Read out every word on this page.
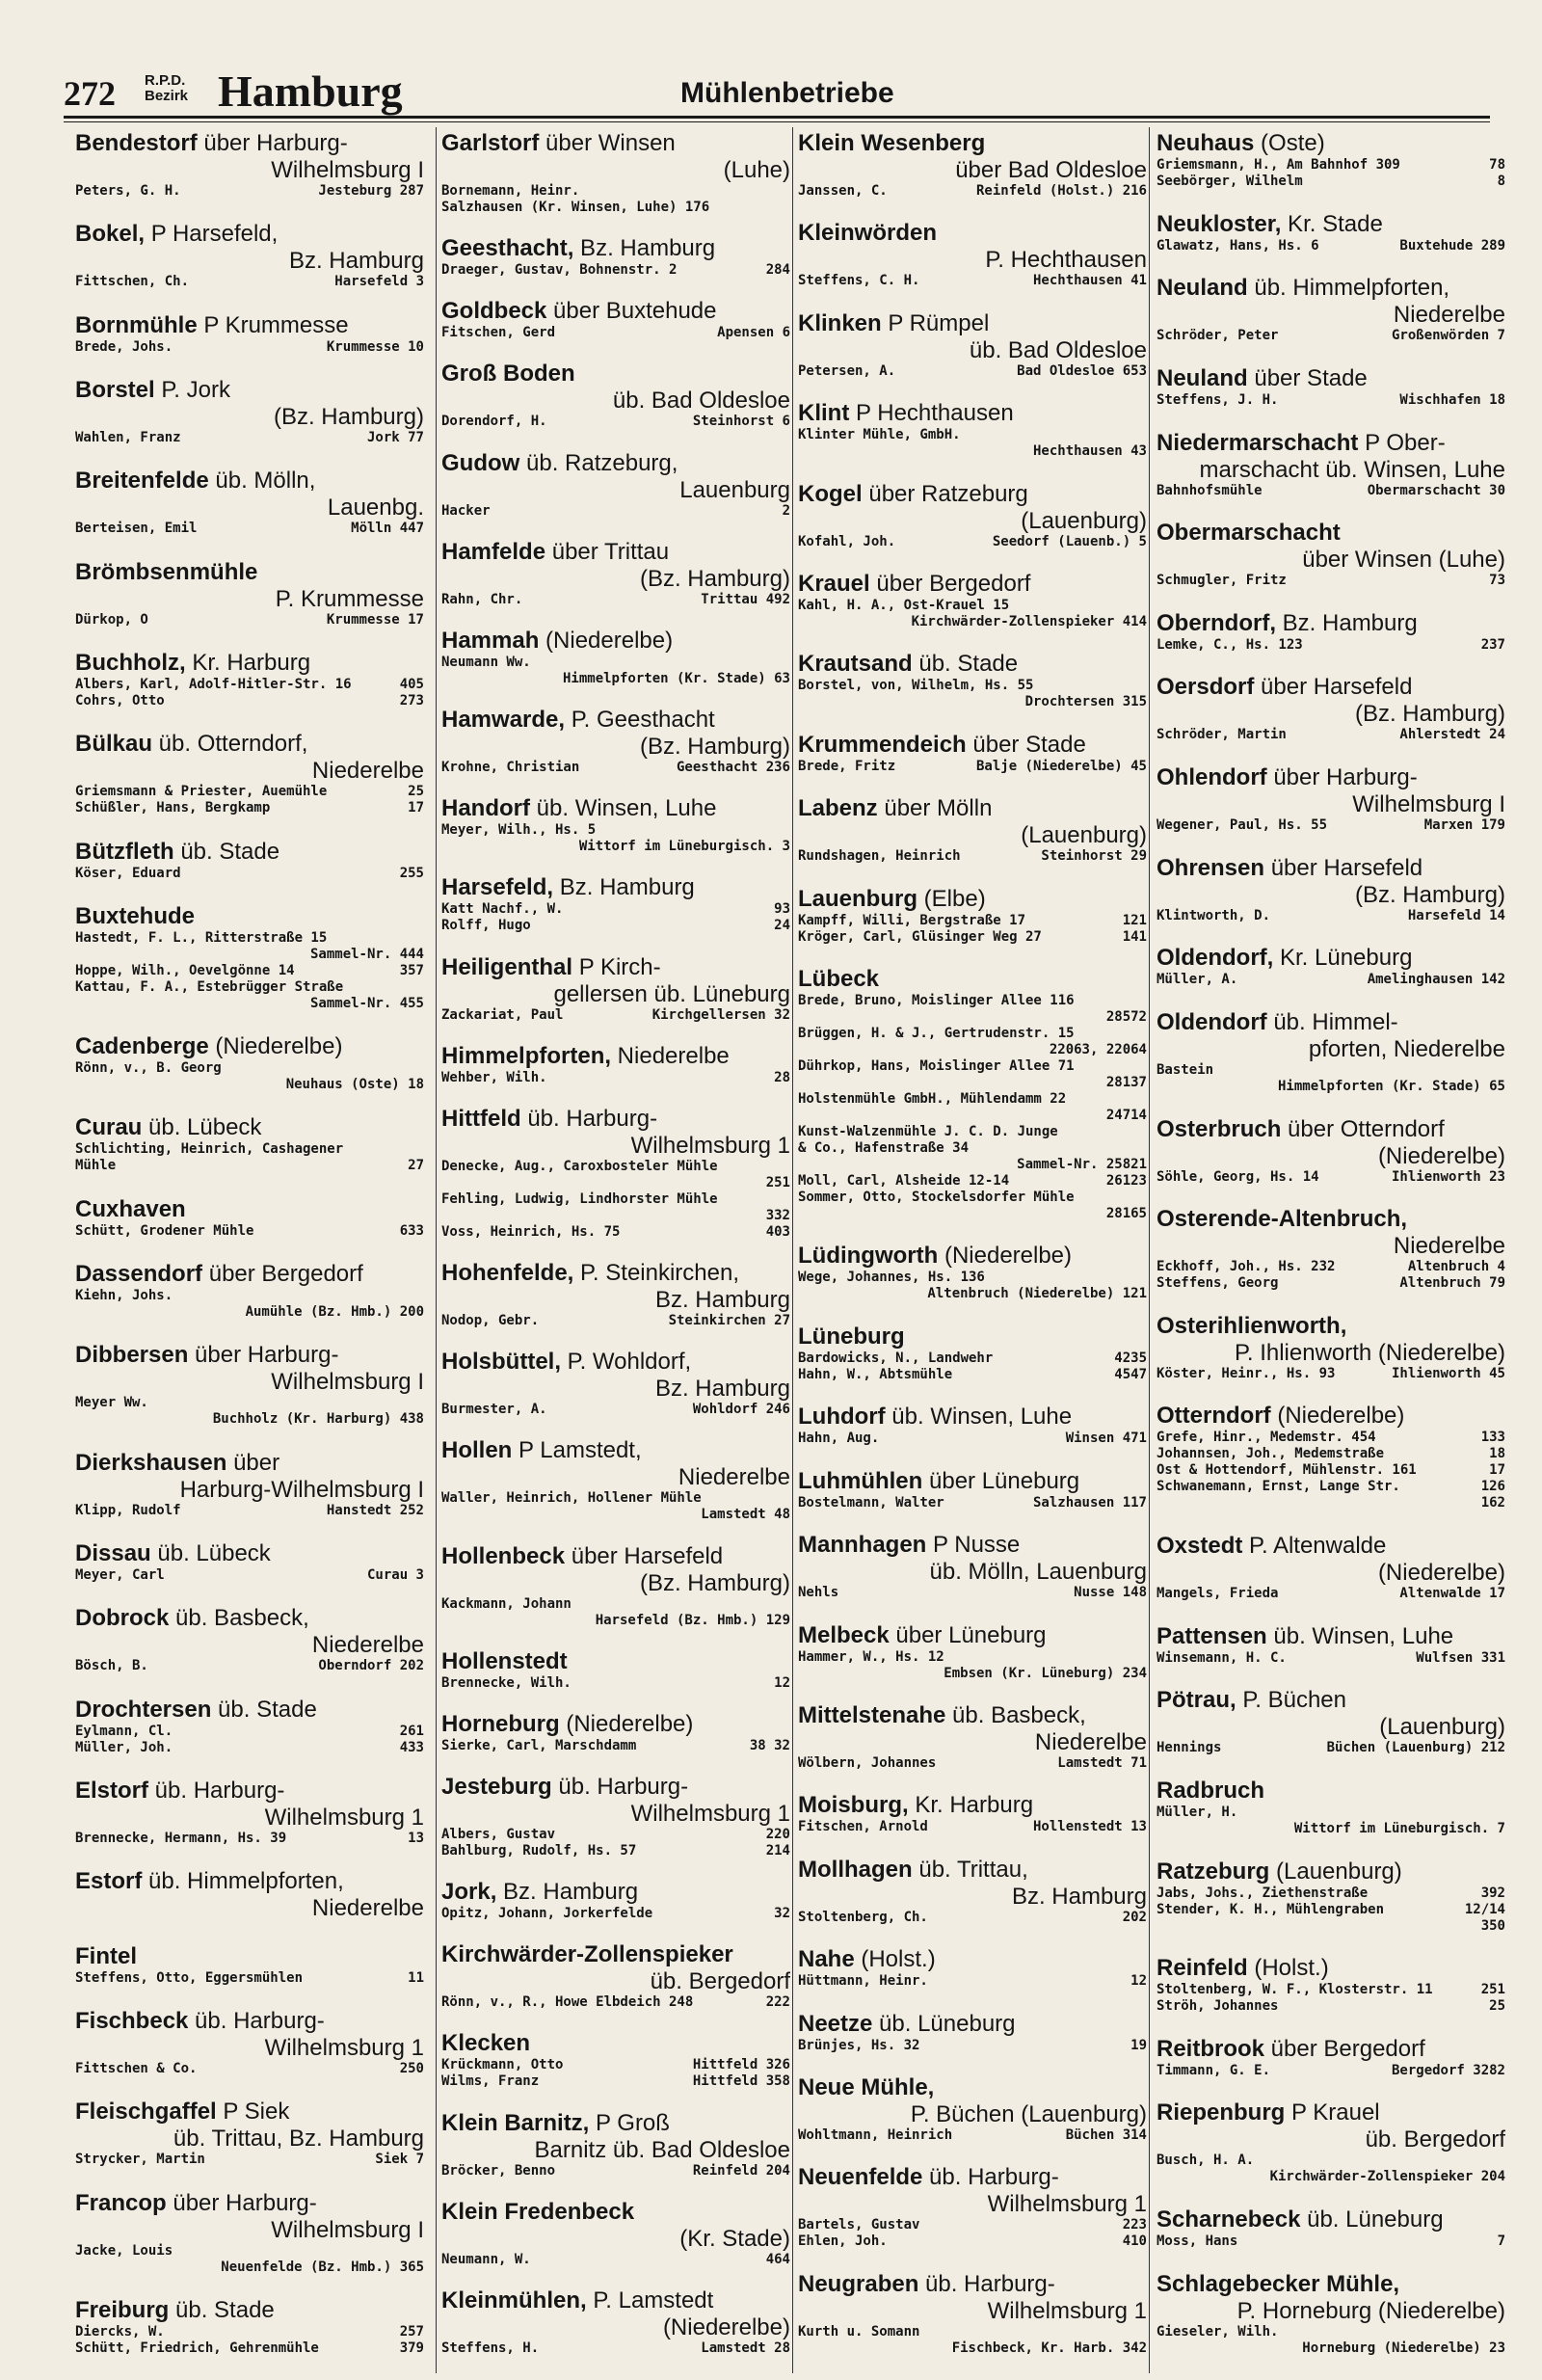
272 R.P.D.
Bezirk Hamburg	Mühlenbetriebe
Bendestorf über Harburg-
Wilhelmsburg I
Peters, G. H.	Jesteburg 287
Bokel, P Harsefeld,
Bz. Hamburg
Fittschen, Ch.	Harsefeld 3
Bornmühle P Krummesse
Brede, Johs.	Krummesse 10
Borstel P. Jork
(Bz. Hamburg)
Wahlen, Franz	Jork 77
Breitenfelde üb. Mölln,
Lauenbg.
Berteisen, Emil	Mölln 447
Brömbsenmühle
P. Krummesse
Dürkop, O	Krummesse 17
Buchholz, Kr. Harburg
Albers, Karl, Adolf-Hitler-Str. 16	405
Cohrs, Otto	273
Bülkau üb. Otterndorf,
Niederelbe
Griemsmann & Priester, Auemühle	25
Schüßler, Hans, Bergkamp	17
Bützfleth üb. Stade
Köser, Eduard	255
Buxtehude
Hastedt, F. L., Ritterstraße 15
Sammel-Nr. 444
Hoppe, Wilh., Oevelgönne 14	357
Kattau, F. A., Estebrügger Straße
Sammel-Nr. 455
Cadenberge (Niederelbe)
Rönn, v., B. Georg
Neuhaus (Oste) 18
Curau üb. Lübeck
Schlichting, Heinrich, Cashagener
Mühle	27
Cuxhaven
Schütt, Grodener Mühle	633
Dassendorf über Bergedorf
Kiehn, Johs.
Aumühle (Bz. Hmb.) 200
Dibbersen über Harburg-
Wilhelmsburg I
Meyer Ww.
Buchholz (Kr. Harburg) 438
Dierkshausen über
Harburg-Wilhelmsburg I
Klipp, Rudolf	Hanstedt 252
Dissau üb. Lübeck
Meyer, Carl	Curau 3
Dobrock üb. Basbeck,
Niederelbe
Bösch, B.	Oberndorf 202
Drochtersen üb. Stade
Eylmann, Cl.	261
Müller, Joh.	433
Elstorf üb. Harburg-
Wilhelmsburg 1
Brennecke, Hermann, Hs. 39	13
Estorf üb. Himmelpforten,
Niederelbe
Fintel
Steffens, Otto, Eggersmühlen	11
Fischbeck üb. Harburg-
Wilhelmsburg 1
Fittschen & Co.	250
Fleischgaffel P Siek
üb. Trittau, Bz. Hamburg
Strycker, Martin	Siek 7
Francop über Harburg-
Wilhelmsburg I
Jacke, Louis
Neuenfelde (Bz. Hmb.) 365
Freiburg üb. Stade
Diercks, W.	257
Schütt, Friedrich, Gehrenmühle	379
Garlstorf über Winsen
(Luhe)
Bornemann, Heinr.
Salzhausen (Kr. Winsen, Luhe) 176
Geesthacht, Bz. Hamburg
Draeger, Gustav, Bohnenstr. 2	284
Goldbeck über Buxtehude
Fitschen, Gerd	Apensen 6
Groß Boden
üb. Bad Oldesloe
Dorendorf, H.	Steinhorst 6
Gudow üb. Ratzeburg,
Lauenburg
Hacker	2
Hamfelde über Trittau
(Bz. Hamburg)
Rahn, Chr.	Trittau 492
Hammah (Niederelbe)
Neumann Ww.
Himmelpforten (Kr. Stade) 63
Hamwarde, P. Geesthacht
(Bz. Hamburg)
Krohne, Christian	Geesthacht 236
Handorf üb. Winsen, Luhe
Meyer, Wilh., Hs. 5
Wittorf im Lüneburgisch. 3
Harsefeld, Bz. Hamburg
Katt Nachf., W.	93
Rolff, Hugo	24
Heiligenthal P Kirch-
gellersen üb. Lüneburg
Zackariat, Paul	Kirchgellersen 32
Himmelpforten, Niederelbe
Wehber, Wilh.	28
Hittfeld üb. Harburg-
Wilhelmsburg 1
Denecke, Aug., Caroxbosteler Mühle
251
Fehling, Ludwig, Lindhorster Mühle
332
Voss, Heinrich, Hs. 75	403
Hohenfelde, P. Steinkirchen,
Bz. Hamburg
Nodop, Gebr.	Steinkirchen 27
Holsbüttel, P. Wohldorf,
Bz. Hamburg
Burmester, A.	Wohldorf 246
Hollen P Lamstedt,
Niederelbe
Waller, Heinrich, Hollener Mühle
Lamstedt 48
Hollenbeck über Harsefeld
(Bz. Hamburg)
Kackmann, Johann
Harsefeld (Bz. Hmb.) 129
Hollenstedt
Brennecke, Wilh.	12
Horneburg (Niederelbe)
Sierke, Carl, Marschdamm	38 32
Jesteburg üb. Harburg-
Wilhelmsburg 1
Albers, Gustav	220
Bahlburg, Rudolf, Hs. 57	214
Jork, Bz. Hamburg
Opitz, Johann, Jorkerfelde	32
Kirchwärder-Zollenspieker
üb. Bergedorf
Rönn, v., R., Howe Elbdeich 248	222
Klecken
Krückmann, Otto	Hittfeld 326
Wilms, Franz	Hittfeld 358
Klein Barnitz, P Groß
Barnitz üb. Bad Oldesloe
Bröcker, Benno	Reinfeld 204
Klein Fredenbeck
(Kr. Stade)
Neumann, W.	464
Kleinmühlen, P. Lamstedt
(Niederelbe)
Steffens, H.	Lamstedt 28
Klein Wesenberg
über Bad Oldesloe
Janssen, C.	Reinfeld (Holst.) 216
Kleinwörden
P. Hechthausen
Steffens, C. H.	Hechthausen 41
Klinken P Rümpel
üb. Bad Oldesloe
Petersen, A.	Bad Oldesloe 653
Klint P Hechthausen
Klinter Mühle, GmbH.
Hechthausen 43
Kogel über Ratzeburg
(Lauenburg)
Kofahl, Joh.	Seedorf (Lauenb.) 5
Krauel über Bergedorf
Kahl, H. A., Ost-Krauel 15
Kirchwärder-Zollenspieker 414
Krautsand üb. Stade
Borstel, von, Wilhelm, Hs. 55
Drochtersen 315
Krummendeich über Stade
Brede, Fritz	Balje (Niederelbe) 45
Labenz über Mölln
(Lauenburg)
Rundshagen, Heinrich	Steinhorst 29
Lauenburg (Elbe)
Kampff, Willi, Bergstraße 17	121
Kröger, Carl, Glüsinger Weg 27	141
Lübeck
Brede, Bruno, Moislinger Allee 116
28572
Brüggen, H. & J., Gertrudenstr. 15
22063, 22064
Dührkop, Hans, Moislinger Allee 71
28137
Holstenmühle GmbH., Mühlendamm 22
24714
Kunst-Walzenmühle J. C. D. Junge
& Co., Hafenstraße 34
Sammel-Nr. 25821
Moll, Carl, Alsheide 12-14	26123
Sommer, Otto, Stockelsdorfer Mühle
28165
Lüdingworth (Niederelbe)
Wege, Johannes, Hs. 136
Altenbruch (Niederelbe) 121
Lüneburg
Bardowicks, N., Landwehr	4235
Hahn, W., Abtsmühle	4547
Luhdorf üb. Winsen, Luhe
Hahn, Aug.	Winsen 471
Luhmühlen über Lüneburg
Bostelmann, Walter	Salzhausen 117
Mannhagen P Nusse
üb. Mölln, Lauenburg
Nehls	Nusse 148
Melbeck über Lüneburg
Hammer, W., Hs. 12
Embsen (Kr. Lüneburg) 234
Mittelstenahe üb. Basbeck,
Niederelbe
Wölbern, Johannes	Lamstedt 71
Moisburg, Kr. Harburg
Fitschen, Arnold	Hollenstedt 13
Mollhagen üb. Trittau,
Bz. Hamburg
Stoltenberg, Ch.	202
Nahe (Holst.)
Hüttmann, Heinr.	12
Neetze üb. Lüneburg
Brünjes, Hs. 32	19
Neue Mühle,
P. Büchen (Lauenburg)
Wohltmann, Heinrich	Büchen 314
Neuenfelde üb. Harburg-
Wilhelmsburg 1
Bartels, Gustav	223
Ehlen, Joh.	410
Neugraben üb. Harburg-
Wilhelmsburg 1
Kurth u. Somann
Fischbeck, Kr. Harb. 342
Neuhaus (Oste)
Griemsmann, H., Am Bahnhof 309	78
Seebörger, Wilhelm	8
Neukloster, Kr. Stade
Glawatz, Hans, Hs. 6	Buxtehude 289
Neuland üb. Himmelpforten,
Niederelbe
Schröder, Peter	Großenwörden 7
Neuland über Stade
Steffens, J. H.	Wischhafen 18
Niedermarschacht P Ober-
marschacht üb. Winsen, Luhe
Bahnhofsmühle	Obermarschacht 30
Obermarschacht
über Winsen (Luhe)
Schmugler, Fritz	73
Oberndorf, Bz. Hamburg
Lemke, C., Hs. 123	237
Oersdorf über Harsefeld
(Bz. Hamburg)
Schröder, Martin	Ahlerstedt 24
Ohlendorf über Harburg-
Wilhelmsburg I
Wegener, Paul, Hs. 55	Marxen 179
Ohrensen über Harsefeld
(Bz. Hamburg)
Klintworth, D.	Harsefeld 14
Oldendorf, Kr. Lüneburg
Müller, A.	Amelinghausen 142
Oldendorf üb. Himmel-
pforten, Niederelbe
Bastein
Himmelpforten (Kr. Stade) 65
Osterbruch über Otterndorf
(Niederelbe)
Söhle, Georg, Hs. 14	Ihlienworth 23
Osterende-Altenbruch,
Niederelbe
Eckhoff, Joh., Hs. 232	Altenbruch 4
Steffens, Georg	Altenbruch 79
Osterihlienworth,
P. Ihlienworth (Niederelbe)
Köster, Heinr., Hs. 93	Ihlienworth 45
Otterndorf (Niederelbe)
Grefe, Hinr., Medemstr. 454	133
Johannsen, Joh., Medemstraße	18
Ost & Hottendorf, Mühlenstr. 161	17
Schwanemann, Ernst, Lange Str.	126
162
Oxstedt P. Altenwalde
(Niederelbe)
Mangels, Frieda	Altenwalde 17
Pattensen üb. Winsen, Luhe
Winsemann, H. C.	Wulfsen 331
Pötrau, P. Büchen
(Lauenburg)
Hennings	Büchen (Lauenburg) 212
Radbruch
Müller, H.
Wittorf im Lüneburgisch. 7
Ratzeburg (Lauenburg)
Jabs, Johs., Ziethenstraße	392
Stender, K. H., Mühlengraben	12/14
350
Reinfeld (Holst.)
Stoltenberg, W. F., Klosterstr. 11	251
Ströh, Johannes	25
Reitbrook über Bergedorf
Timmann, G. E.	Bergedorf 3282
Riepenburg P Krauel
üb. Bergedorf
Busch, H. A.
Kirchwärder-Zollenspieker 204
Scharnebeck üb. Lüneburg
Moss, Hans	7
Schlagebecker Mühle,
P. Horneburg (Niederelbe)
Gieseler, Wilh.
Horneburg (Niederelbe) 23
